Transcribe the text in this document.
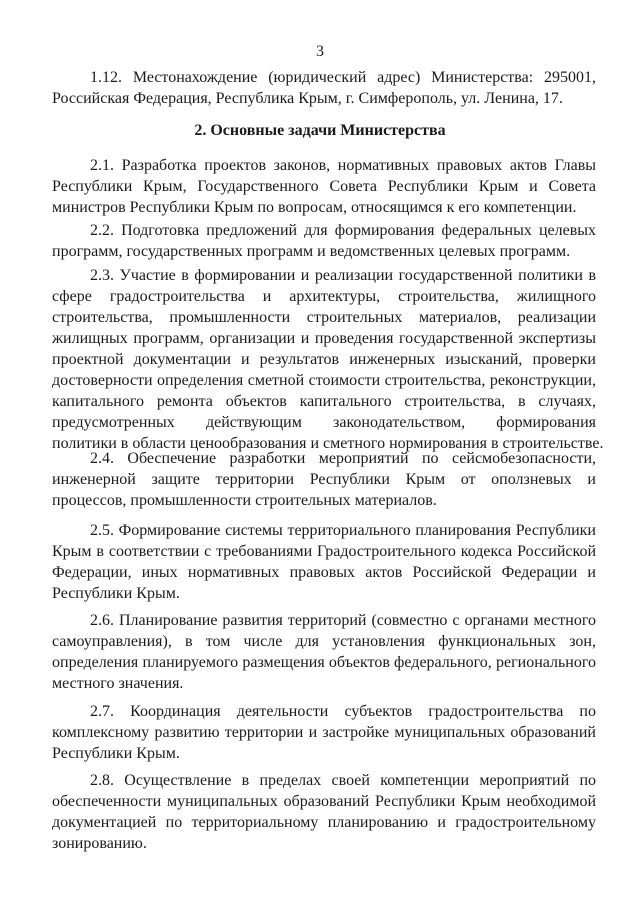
3
1.12. Местонахождение (юридический адрес) Министерства: 295001,
Российская Федерация, Республика Крым, г. Симферополь, ул. Ленина, 17.
2. Основные задачи Министерства
2.1. Разработка проектов законов, нормативных правовых актов Главы
Республики Крым, Государственного Совета Республики Крым и Совета
министров Республики Крым по вопросам, относящимся к его компетенции.
2.2. Подготовка предложений для формирования федеральных целевых
программ, государственных программ и ведомственных целевых программ.
2.3. Участие в формировании и реализации государственной политики в
сфере градостроительства и архитектуры, строительства, жилищного
строительства, промышленности строительных материалов, реализации
жилищных программ, организации и проведения государственной экспертизы
проектной документации и результатов инженерных изысканий, проверки
достоверности определения сметной стоимости строительства, реконструкции,
капитального ремонта объектов капитального строительства, в случаях,
предусмотренных действующим законодательством, формирования
политики в области ценообразования и сметного нормирования в строительстве.
2.4. Обеспечение разработки мероприятий по сейсмобезопасности,
инженерной защите территории Республики Крым от оползневых и
процессов, промышленности строительных материалов.
2.5. Формирование системы территориального планирования Республики
Крым в соответствии с требованиями Градостроительного кодекса Российской
Федерации, иных нормативных правовых актов Российской Федерации и
Республики Крым.
2.6. Планирование развития территорий (совместно с органами местного
самоуправления), в том числе для установления функциональных зон,
определения планируемого размещения объектов федерального, регионального
местного значения.
2.7. Координация деятельности субъектов градостроительства по
комплексному развитию территории и застройке муниципальных образований
Республики Крым.
2.8. Осуществление в пределах своей компетенции мероприятий по
обеспеченности муниципальных образований Республики Крым необходимой
документацией по территориальному планированию и градостроительному
зонированию.
